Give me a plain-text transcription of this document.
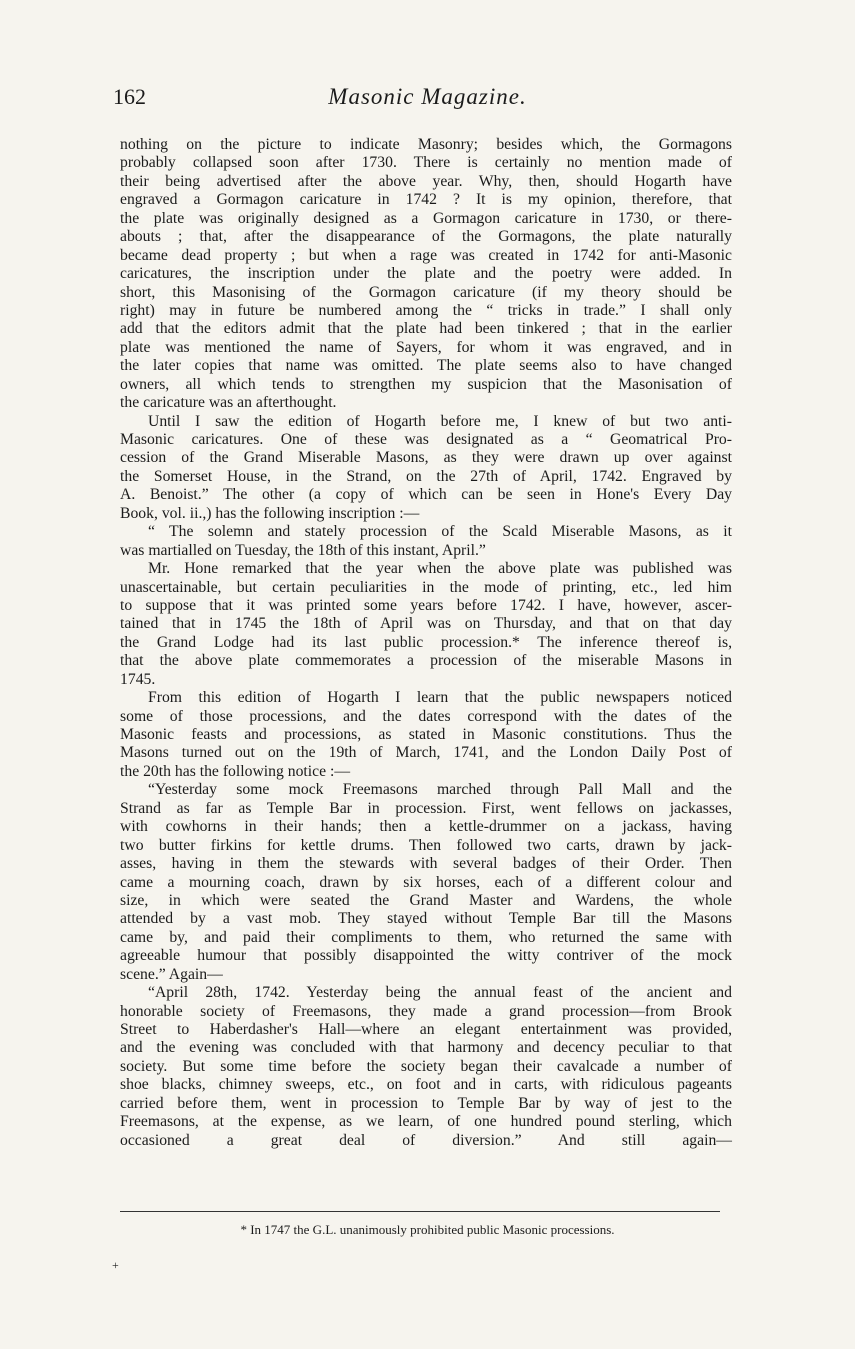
162	Masonic Magazine.
nothing on the picture to indicate Masonry; besides which, the Gormagons
probably collapsed soon after 1730. There is certainly no mention made of
their being advertised after the above year. Why, then, should Hogarth have
engraved a Gormagon caricature in 1742 ? It is my opinion, therefore, that
the plate was originally designed as a Gormagon caricature in 1730, or there-
abouts ; that, after the disappearance of the Gormagons, the plate naturally
became dead property ; but when a rage was created in 1742 for anti-Masonic
caricatures, the inscription under the plate and the poetry were added. In
short, this Masonising of the Gormagon caricature (if my theory should be
right) may in future be numbered among the “ tricks in trade.” I shall only
add that the editors admit that the plate had been tinkered ; that in the earlier
plate was mentioned the name of Sayers, for whom it was engraved, and in
the later copies that name was omitted. The plate seems also to have changed
owners, all which tends to strengthen my suspicion that the Masonisation of
the caricature was an afterthought.
Until I saw the edition of Hogarth before me, I knew of but two anti-
Masonic caricatures. One of these was designated as a “ Geomatrical Pro-
cession of the Grand Miserable Masons, as they were drawn up over against
the Somerset House, in the Strand, on the 27th of April, 1742. Engraved by
A. Benoist.” The other (a copy of which can be seen in Hone's Every Day
Book, vol. ii.,) has the following inscription :—
“ The solemn and stately procession of the Scald Miserable Masons, as it
was martialled on Tuesday, the 18th of this instant, April.”
Mr. Hone remarked that the year when the above plate was published was
unascertainable, but certain peculiarities in the mode of printing, etc., led him
to suppose that it was printed some years before 1742. I have, however, ascer-
tained that in 1745 the 18th of April was on Thursday, and that on that day
the Grand Lodge had its last public procession.* The inference thereof is,
that the above plate commemorates a procession of the miserable Masons in
1745.
From this edition of Hogarth I learn that the public newspapers noticed
some of those processions, and the dates correspond with the dates of the
Masonic feasts and processions, as stated in Masonic constitutions. Thus the
Masons turned out on the 19th of March, 1741, and the London Daily Post of
the 20th has the following notice :—
“Yesterday some mock Freemasons marched through Pall Mall and the
Strand as far as Temple Bar in procession. First, went fellows on jackasses,
with cowhorns in their hands; then a kettle-drummer on a jackass, having
two butter firkins for kettle drums. Then followed two carts, drawn by jack-
asses, having in them the stewards with several badges of their Order. Then
came a mourning coach, drawn by six horses, each of a different colour and
size, in which were seated the Grand Master and Wardens, the whole
attended by a vast mob. They stayed without Temple Bar till the Masons
came by, and paid their compliments to them, who returned the same with
agreeable humour that possibly disappointed the witty contriver of the mock
scene.” Again—
“April 28th, 1742. Yesterday being the annual feast of the ancient and
honorable society of Freemasons, they made a grand procession—from Brook
Street to Haberdasher's Hall—where an elegant entertainment was provided,
and the evening was concluded with that harmony and decency peculiar to that
society. But some time before the society began their cavalcade a number of
shoe blacks, chimney sweeps, etc., on foot and in carts, with ridiculous pageants
carried before them, went in procession to Temple Bar by way of jest to the
Freemasons, at the expense, as we learn, of one hundred pound sterling, which
occasioned a great deal of diversion.” And still again—
* In 1747 the G.L. unanimously prohibited public Masonic processions.
+
